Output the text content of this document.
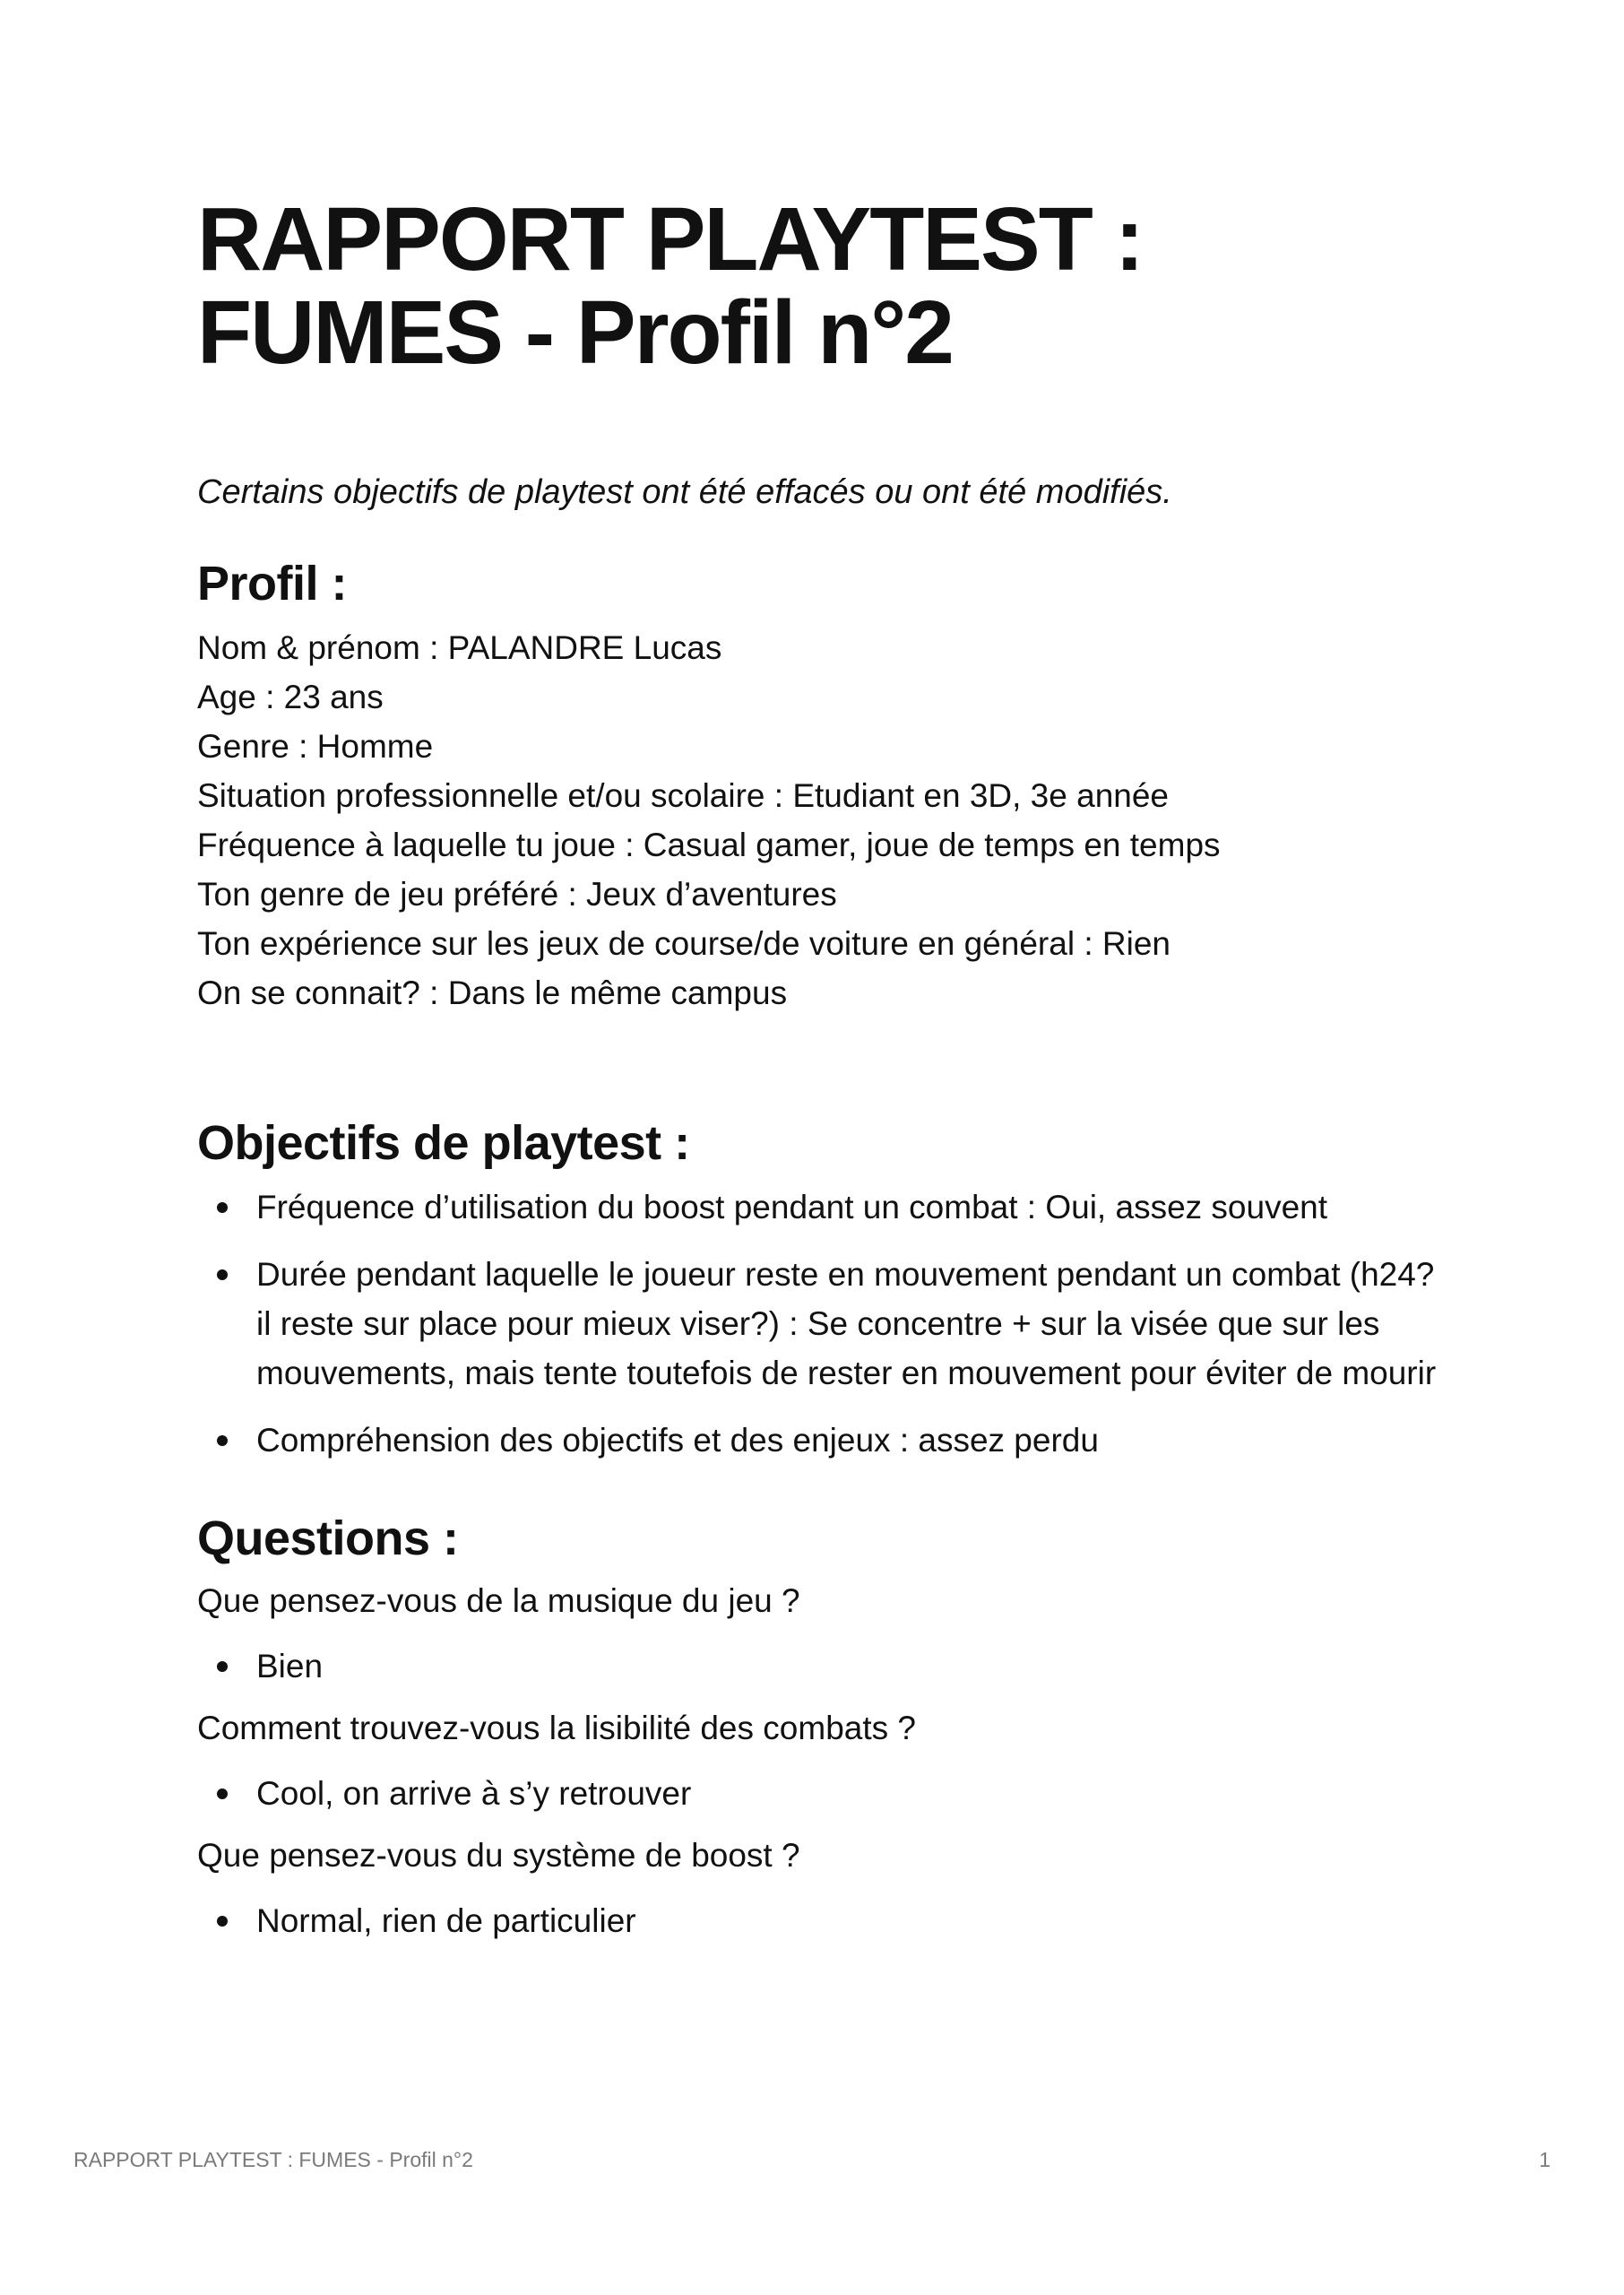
RAPPORT PLAYTEST : FUMES - Profil n°2

Certains objectifs de playtest ont été effacés ou ont été modifiés.

Profil :
Nom & prénom : PALANDRE Lucas
Age : 23 ans
Genre : Homme
Situation professionnelle et/ou scolaire : Etudiant en 3D, 3e année
Fréquence à laquelle tu joue : Casual gamer, joue de temps en temps
Ton genre de jeu préféré : Jeux d’aventures
Ton expérience sur les jeux de course/de voiture en général : Rien
On se connait? : Dans le même campus
Objectifs de playtest :
Fréquence d’utilisation du boost pendant un combat : Oui, assez souvent
Durée pendant laquelle le joueur reste en mouvement pendant un combat (h24? il reste sur place pour mieux viser?) : Se concentre + sur la visée que sur les mouvements, mais tente toutefois de rester en mouvement pour éviter de mourir
Compréhension des objectifs et des enjeux : assez perdu
Questions :
Que pensez-vous de la musique du jeu ?
Bien
Comment trouvez-vous la lisibilité des combats ?
Cool, on arrive à s’y retrouver
Que pensez-vous du système de boost ?
Normal, rien de particulier
RAPPORT PLAYTEST : FUMES - Profil n°2	1
